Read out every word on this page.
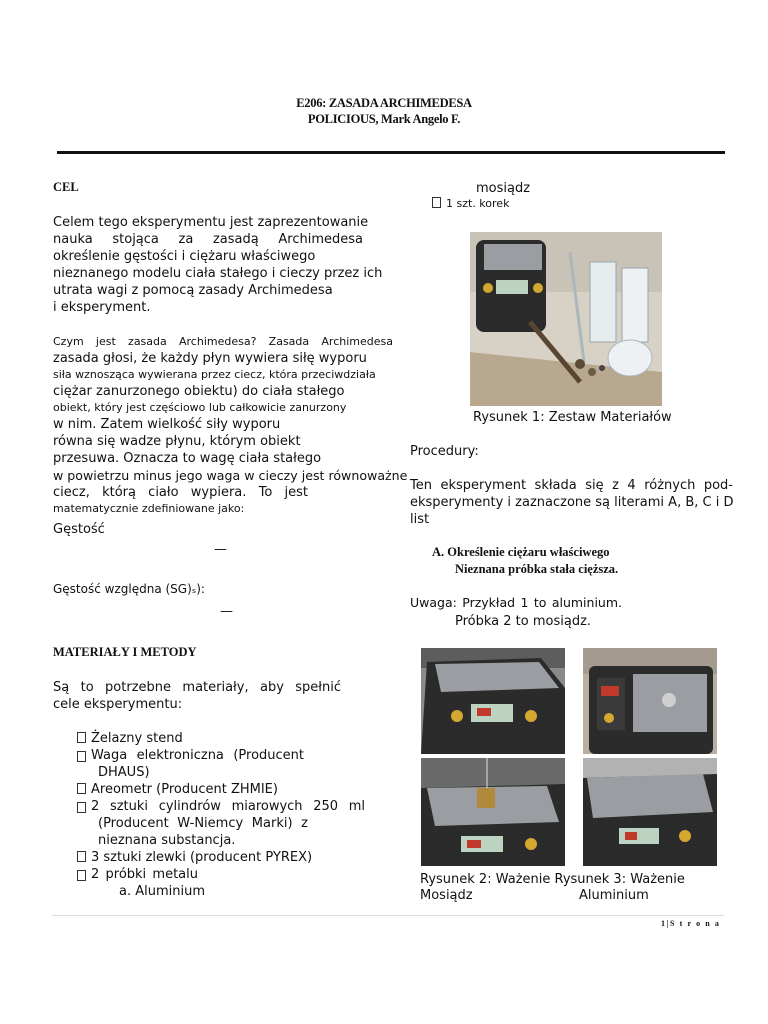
E206: ZASADA ARCHIMEDESA
POLICIOUS, Mark Angelo F.
CEL
Celem tego eksperymentu jest zaprezentowanie
nauka stojąca za zasadą Archimedesa
określenie gęstości i ciężaru właściwego
nieznanego modelu ciała stałego i cieczy przez ich
utrata wagi z pomocą zasady Archimedesa
i eksperyment.
Czym jest zasada Archimedesa? Zasada Archimedesa
zasada głosi, że każdy płyn wywiera siłę wyporu
siła wznosząca wywierana przez ciecz, która przeciwdziała
ciężar zanurzonego obiektu) do ciała stałego
obiekt, który jest częściowo lub całkowicie zanurzony
w nim. Zatem wielkość siły wyporu
równa się wadze płynu, którym obiekt
przesuwa. Oznacza to wagę ciała stałego
w powietrzu minus jego waga w cieczy jest równoważne
ciecz, którą ciało wypiera. To jest
matematycznie zdefiniowane jako:
Gęstość
—
Gęstość względna (SG)ₛ):
—
MATERIAŁY I METODY
Są to potrzebne materiały, aby spełnić
cele eksperymentu:
Żelazny stend
Waga elektroniczna (Producent
DHAUS)
Areometr (Producent ZHMIE)
2 sztuki cylindrów miarowych 250 ml
(Producent W-Niemcy Marki) z
nieznana substancja.
3 sztuki zlewki (producent PYREX)
2 próbki metalu
a. Aluminium
mosiądz
1 szt. korek
Rysunek 1: Zestaw Materiałów
Procedury:
Ten eksperyment składa się z 4 różnych pod-
eksperymenty i zaznaczone są literami A, B, C i D
list
A. Określenie ciężaru właściwego
Nieznana próbka stała cięższa.
Uwaga: Przykład 1 to aluminium.
Próbka 2 to mosiądz.
Rysunek 2: Ważenie Rysunek 3: Ważenie
Mosiądz	Aluminium
1|S t r o n a
